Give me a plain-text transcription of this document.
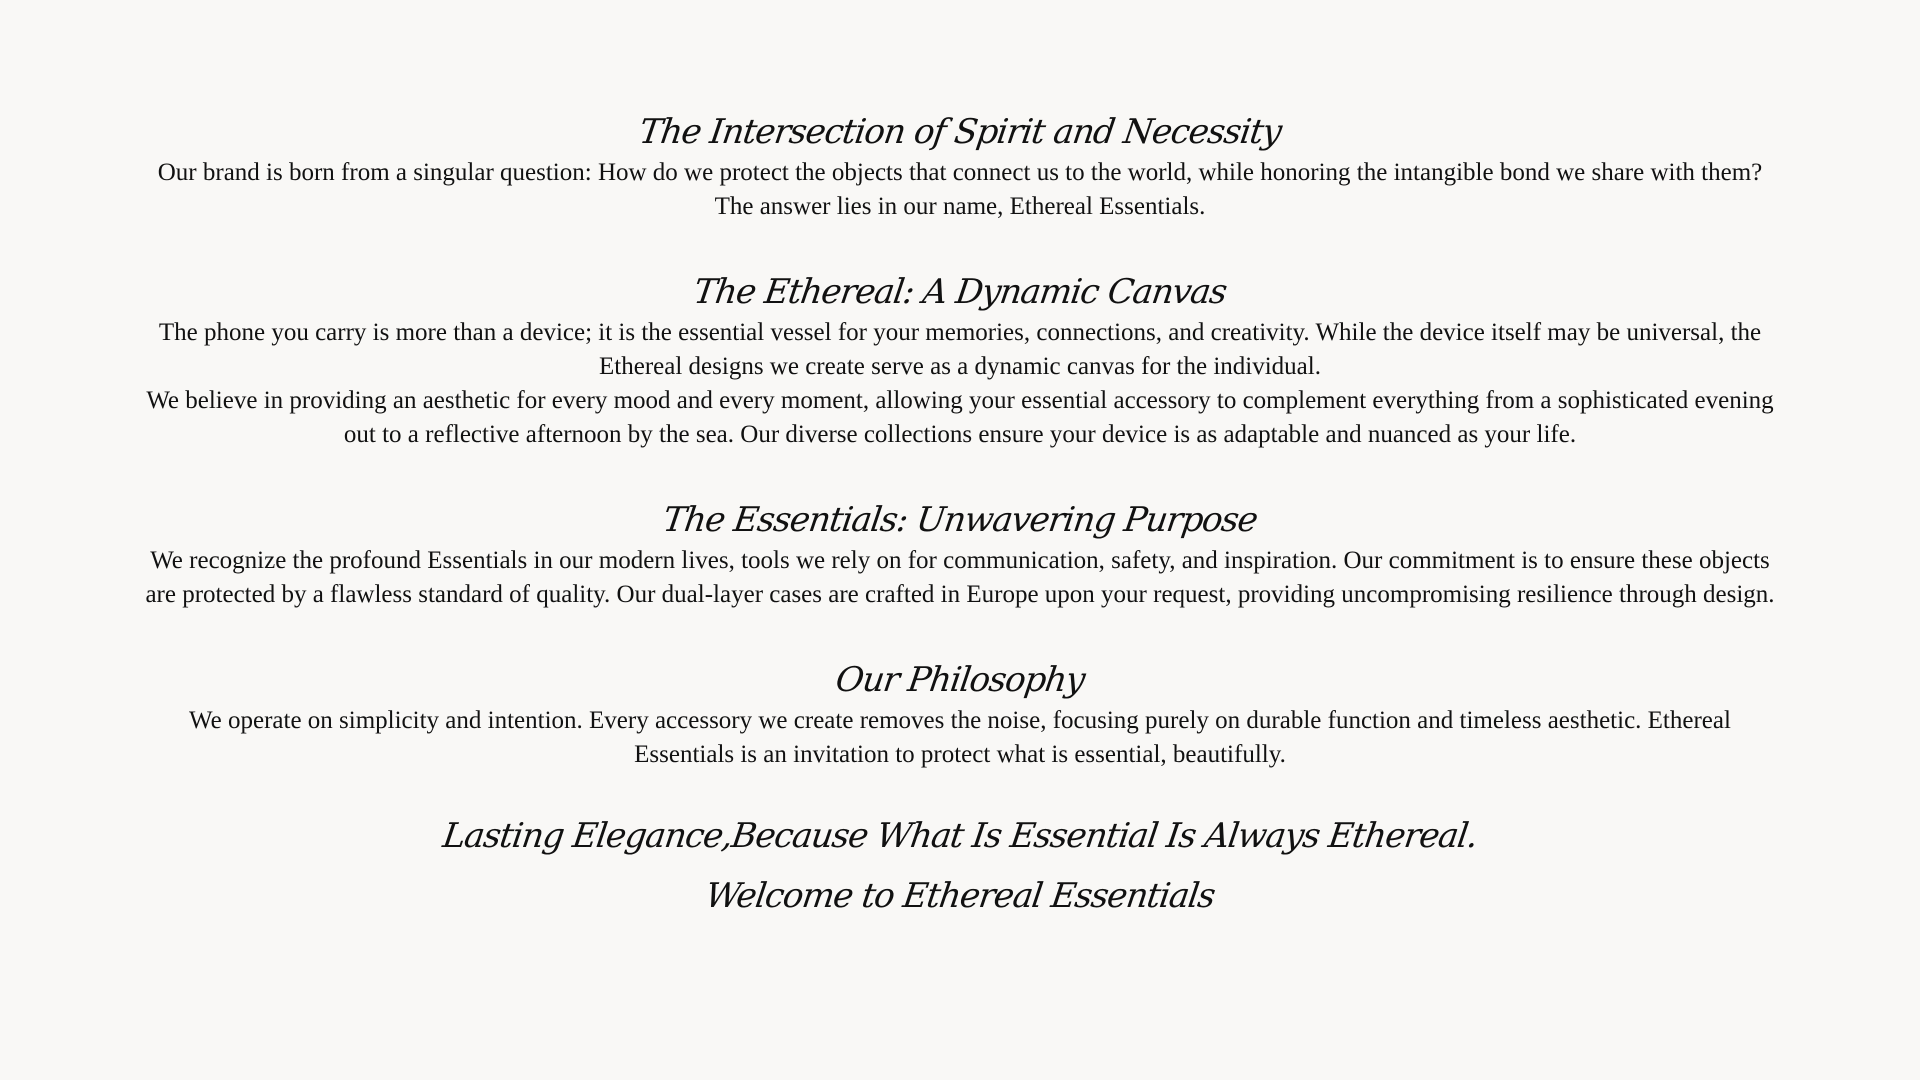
The Intersection of Spirit and Necessity

Our brand is born from a singular question: How do we protect the objects that connect us to the world, while honoring the intangible bond we share with them?

The answer lies in our name, Ethereal Essentials.

The Ethereal: A Dynamic Canvas

The phone you carry is more than a device; it is the essential vessel for your memories, connections, and creativity. While the device itself may be universal, the Ethereal designs we create serve as a dynamic canvas for the individual.

We believe in providing an aesthetic for every mood and every moment, allowing your essential accessory to complement everything from a sophisticated evening out to a reflective afternoon by the sea. Our diverse collections ensure your device is as adaptable and nuanced as your life.

The Essentials: Unwavering Purpose

We recognize the profound Essentials in our modern lives, tools we rely on for communication, safety, and inspiration. Our commitment is to ensure these objects are protected by a flawless standard of quality. Our dual-layer cases are crafted in Europe upon your request, providing uncompromising resilience through design.

Our Philosophy

We operate on simplicity and intention. Every accessory we create removes the noise, focusing purely on durable function and timeless aesthetic. Ethereal Essentials is an invitation to protect what is essential, beautifully.

Lasting Elegance,Because What Is Essential Is Always Ethereal.

Welcome to Ethereal Essentials
